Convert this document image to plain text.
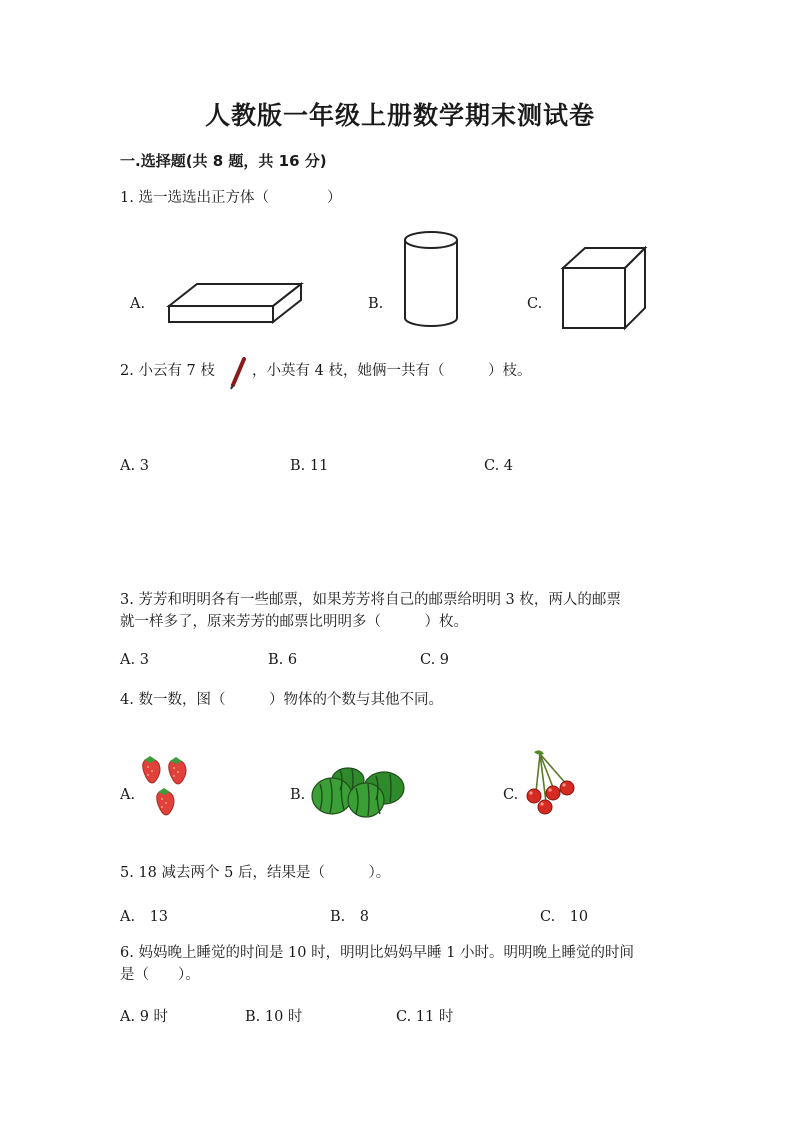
人教版一年级上册数学期末测试卷
一.选择题(共 8 题，共 16 分)
1. 选一选选出正方体（　　　　）
A.	B.	C.
2. 小云有 7 枝	，小英有 4 枝，她俩一共有（　　　）枝。
A. 3	B. 11	C. 4
3. 芳芳和明明各有一些邮票，如果芳芳将自己的邮票给明明 3 枚，两人的邮票
就一样多了，原来芳芳的邮票比明明多（　　　）枚。
A. 3	B. 6	C. 9
4. 数一数，图（　　　）物体的个数与其他不同。
A.	B.	C.
5. 18 减去两个 5 后，结果是（　　　）。
A.　13	B.　8	C.　10
6. 妈妈晚上睡觉的时间是 10 时，明明比妈妈早睡 1 小时。明明晚上睡觉的时间
是（　　）。
A. 9 时	B. 10 时	C. 11 时
